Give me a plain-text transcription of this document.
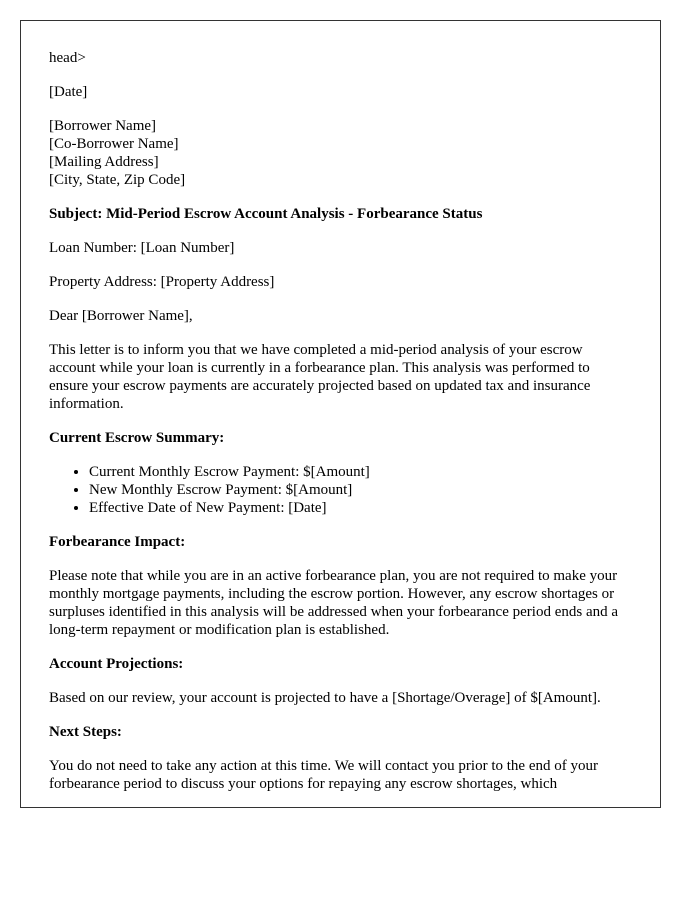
head>

[Date]

[Borrower Name]
[Co-Borrower Name]
[Mailing Address]
[City, State, Zip Code]

Subject: Mid-Period Escrow Account Analysis - Forbearance Status

Loan Number: [Loan Number]

Property Address: [Property Address]

Dear [Borrower Name],

This letter is to inform you that we have completed a mid-period analysis of your escrow account while your loan is currently in a forbearance plan. This analysis was performed to ensure your escrow payments are accurately projected based on updated tax and insurance information.

Current Escrow Summary:

• Current Monthly Escrow Payment: $[Amount]
• New Monthly Escrow Payment: $[Amount]
• Effective Date of New Payment: [Date]

Forbearance Impact:

Please note that while you are in an active forbearance plan, you are not required to make your monthly mortgage payments, including the escrow portion. However, any escrow shortages or surpluses identified in this analysis will be addressed when your forbearance period ends and a long-term repayment or modification plan is established.

Account Projections:

Based on our review, your account is projected to have a [Shortage/Overage] of $[Amount].

Next Steps:

You do not need to take any action at this time. We will contact you prior to the end of your forbearance period to discuss your options for repaying any escrow shortages, which
